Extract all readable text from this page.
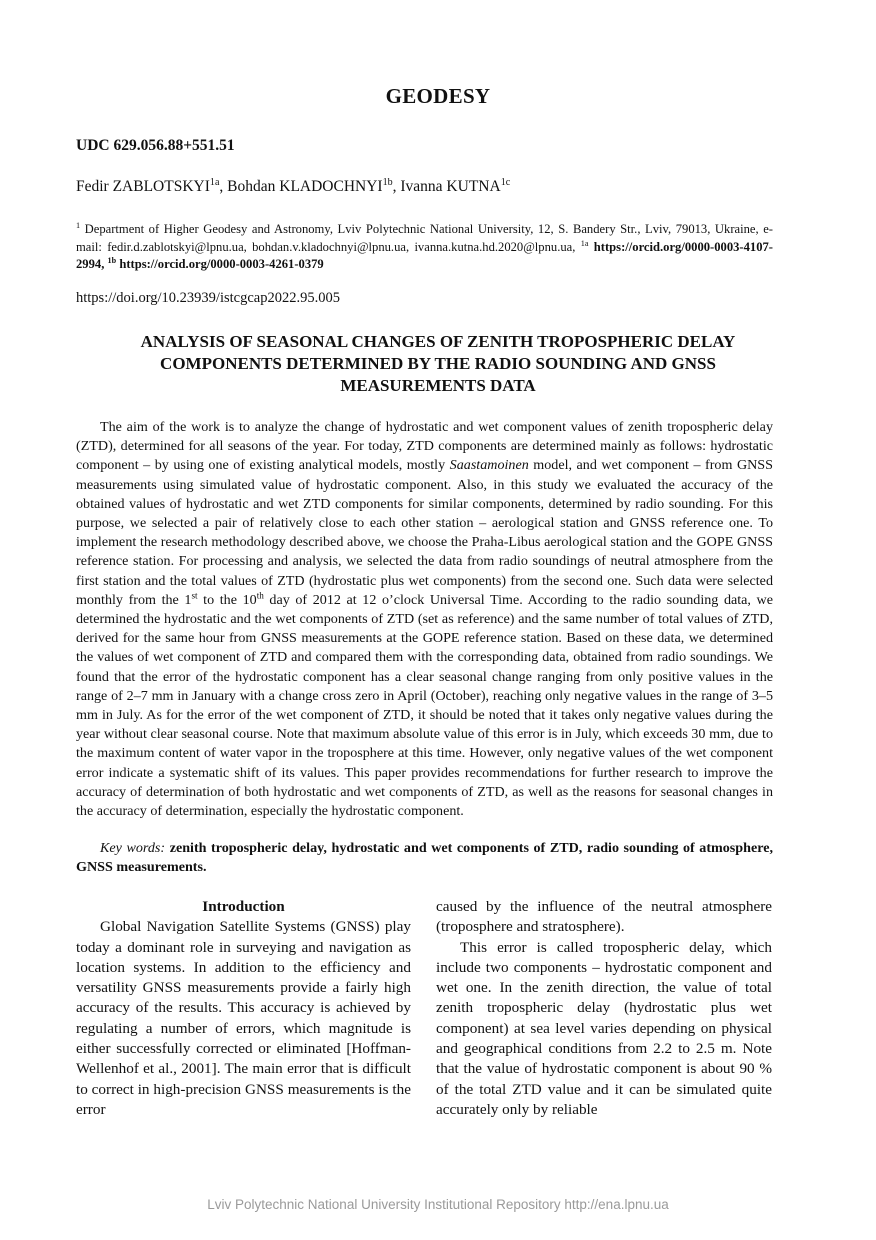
GEODESY
UDC 629.056.88+551.51
Fedir $ZABLOTSKYI^{1a}$, Bohdan $KLADOCHNYI^{1b}$, Ivanna $KUTNA^{1c}$
$^1$ Department of Higher Geodesy and Astronomy, Lviv Polytechnic National University, 12, S. Bandery Str., Lviv, 79013, Ukraine, e-mail: fedir.d.zablotskyi@lpnu.ua, bohdan.v.kladochnyi@lpnu.ua, ivanna.kutna.hd.2020@lpnu.ua, $^{1a}$ https://orcid.org/0000-0003-4107-2994, $^{1b}$ https://orcid.org/0000-0003-4261-0379
https://doi.org/10.23939/istcgcap2022.95.005
ANALYSIS OF SEASONAL CHANGES OF ZENITH TROPOSPHERIC DELAY COMPONENTS DETERMINED BY THE RADIO SOUNDING AND GNSS MEASUREMENTS DATA

The aim of the work is to analyze the change of hydrostatic and wet component values of zenith tropospheric delay (ZTD), determined for all seasons of the year. For today, ZTD components are determined mainly as follows: hydrostatic component – by using one of existing analytical models, mostly Saastamoinen model, and wet component – from GNSS measurements using simulated value of hydrostatic component. Also, in this study we evaluated the accuracy of the obtained values of hydrostatic and wet ZTD components for similar components, determined by radio sounding. For this purpose, we selected a pair of relatively close to each other station – aerological station and GNSS reference one. To implement the research methodology described above, we choose the Praha-Libus aerological station and the GOPE GNSS reference station. For processing and analysis, we selected the data from radio soundings of neutral atmosphere from the first station and the total values of ZTD (hydrostatic plus wet components) from the second one. Such data were selected monthly from the 1st to the 10th day of 2012 at 12 o’clock Universal Time. According to the radio sounding data, we determined the hydrostatic and the wet components of ZTD (set as reference) and the same number of total values of ZTD, derived for the same hour from GNSS measurements at the GOPE reference station. Based on these data, we determined the values of wet component of ZTD and compared them with the corresponding data, obtained from radio soundings. We found that the error of the hydrostatic component has a clear seasonal change ranging from only positive values in the range of 2–7 mm in January with a change cross zero in April (October), reaching only negative values in the range of 3–5 mm in July. As for the error of the wet component of ZTD, it should be noted that it takes only negative values during the year without clear seasonal course. Note that maximum absolute value of this error is in July, which exceeds 30 mm, due to the maximum content of water vapor in the troposphere at this time. However, only negative values of the wet component error indicate a systematic shift of its values. This paper provides recommendations for further research to improve the accuracy of determination of both hydrostatic and wet components of ZTD, as well as the reasons for seasonal changes in the accuracy of determination, especially the hydrostatic component.

Key words: zenith tropospheric delay, hydrostatic and wet components of ZTD, radio sounding of atmosphere, GNSS measurements.
Introduction

Global Navigation Satellite Systems (GNSS) play today a dominant role in surveying and navigation as location systems. In addition to the efficiency and versatility GNSS measurements provide a fairly high accuracy of the results. This accuracy is achieved by regulating a number of errors, which magnitude is either successfully corrected or eliminated [Hoffman-Wellenhof et al., 2001]. The main error that is difficult to correct in high-precision GNSS measurements is the error

caused by the influence of the neutral atmosphere (troposphere and stratosphere).

This error is called tropospheric delay, which include two components – hydrostatic component and wet one. In the zenith direction, the value of total zenith tropospheric delay (hydrostatic plus wet component) at sea level varies depending on physical and geographical conditions from 2.2 to 2.5 m. Note that the value of hydrostatic component is about 90 % of the total ZTD value and it can be simulated quite accurately only by reliable

Lviv Polytechnic National University Institutional Repository http://ena.lpnu.ua
